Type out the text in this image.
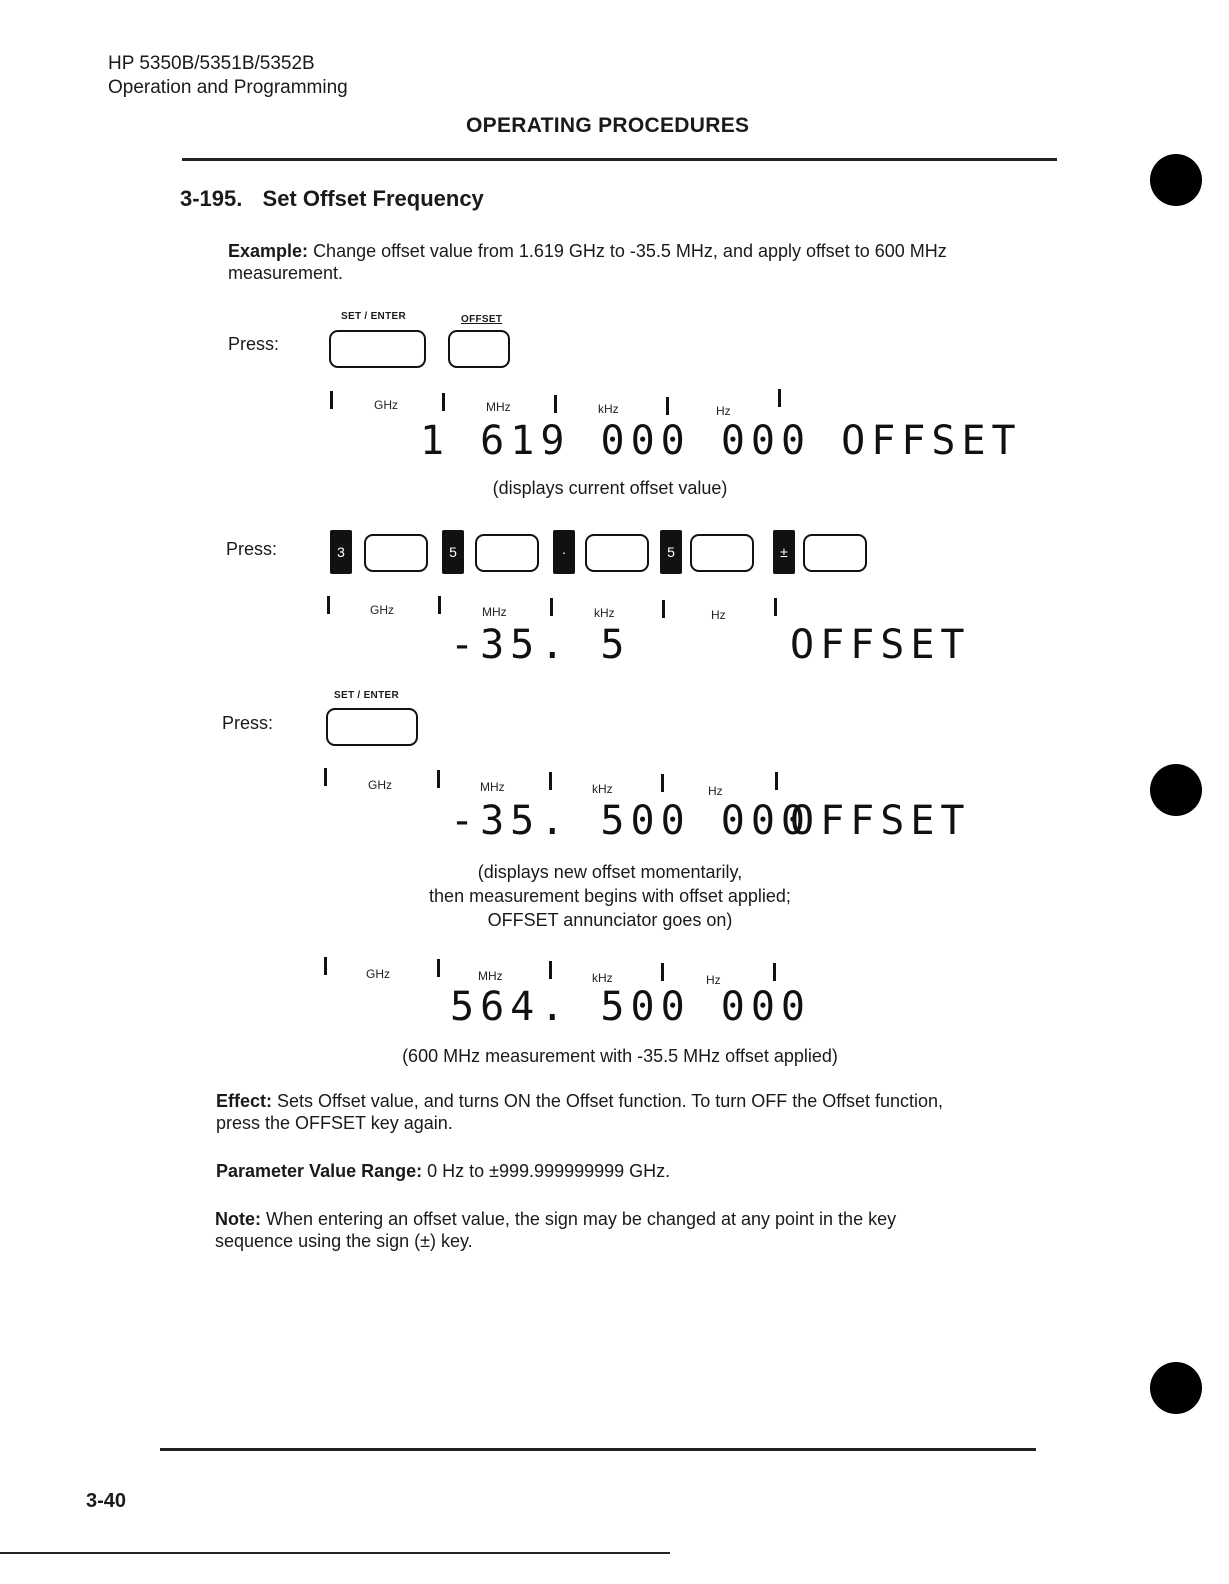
HP 5350B/5351B/5352B
Operation and Programming
OPERATING PROCEDURES
3-195. Set Offset Frequency
Example: Change offset value from 1.619 GHz to -35.5 MHz, and apply offset to 600 MHz
measurement.
Press:
SET / ENTER	OFFSET
GHz	MHz	kHz	Hz
1 619 000 000 OFFSET
(displays current offset value)
Press:	3	5	·	5	±
GHz	MHz	kHz	Hz
-35. 5	OFFSET
SET / ENTER
Press:
GHz	MHz	kHz	Hz
-35. 500 000
OFFSET
(displays new offset momentarily,
then measurement begins with offset applied;
OFFSET annunciator goes on)
GHz	MHz	kHz	Hz
564. 500 000
(600 MHz measurement with -35.5 MHz offset applied)
Effect: Sets Offset value, and turns ON the Offset function. To turn OFF the Offset function,
press the OFFSET key again.
Parameter Value Range: 0 Hz to ±999.999999999 GHz.
Note: When entering an offset value, the sign may be changed at any point in the key
sequence using the sign (±) key.
3-40
